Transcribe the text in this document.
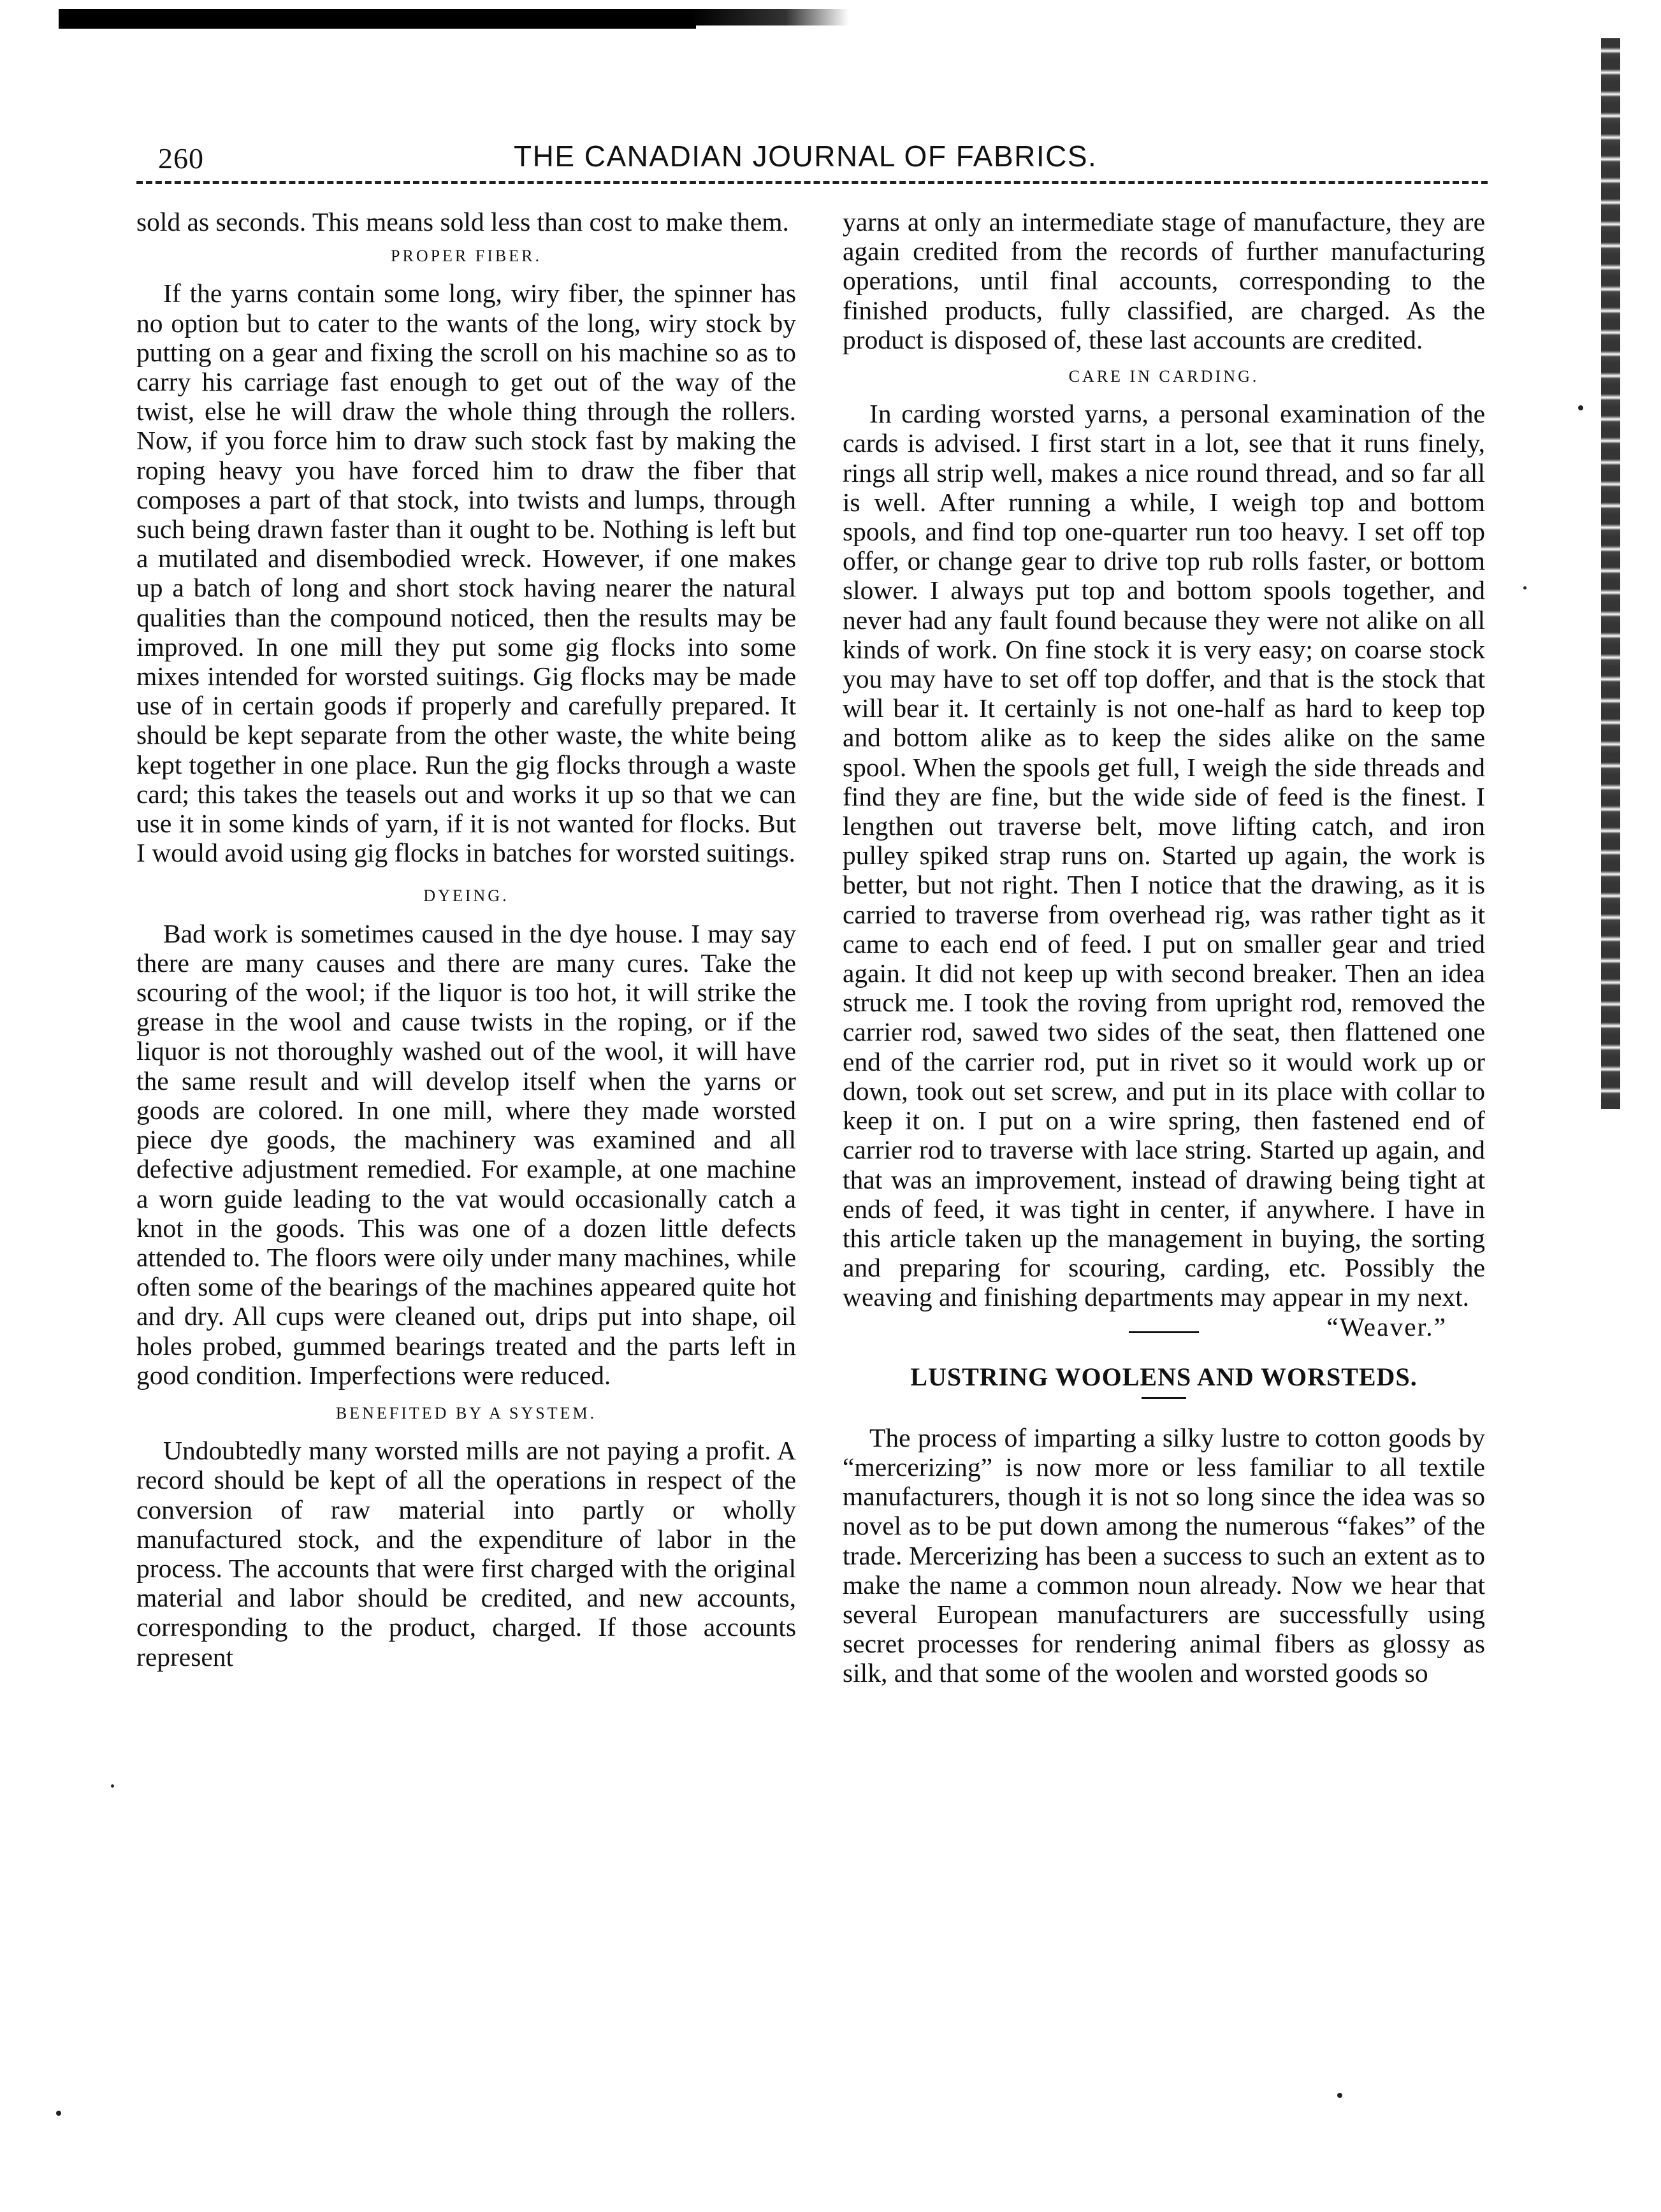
260	THE CANADIAN JOURNAL OF FABRICS.

sold as seconds. This means sold less than cost to make them.

PROPER FIBER.

If the yarns contain some long, wiry fiber, the spinner has no option but to cater to the wants of the long, wiry stock by putting on a gear and fixing the scroll on his machine so as to carry his carriage fast enough to get out of the way of the twist, else he will draw the whole thing through the rollers. Now, if you force him to draw such stock fast by making the roping heavy you have forced him to draw the fiber that composes a part of that stock, into twists and lumps, through such being drawn faster than it ought to be. Nothing is left but a mutilated and disembodied wreck. However, if one makes up a batch of long and short stock having nearer the natural qualities than the compound noticed, then the results may be improved. In one mill they put some gig flocks into some mixes intended for worsted suitings. Gig flocks may be made use of in certain goods if properly and carefully prepared. It should be kept separate from the other waste, the white being kept together in one place. Run the gig flocks through a waste card; this takes the teasels out and works it up so that we can use it in some kinds of yarn, if it is not wanted for flocks. But I would avoid using gig flocks in batches for worsted suitings.

DYEING.

Bad work is sometimes caused in the dye house. I may say there are many causes and there are many cures. Take the scouring of the wool; if the liquor is too hot, it will strike the grease in the wool and cause twists in the roping, or if the liquor is not thoroughly washed out of the wool, it will have the same result and will develop itself when the yarns or goods are colored. In one mill, where they made worsted piece dye goods, the machinery was examined and all defective adjustment remedied. For example, at one machine a worn guide leading to the vat would occasionally catch a knot in the goods. This was one of a dozen little defects attended to. The floors were oily under many machines, while often some of the bearings of the machines appeared quite hot and dry. All cups were cleaned out, drips put into shape, oil holes probed, gummed bearings treated and the parts left in good condition. Imperfections were reduced.

BENEFITED BY A SYSTEM.

Undoubtedly many worsted mills are not paying a profit. A record should be kept of all the operations in respect of the conversion of raw material into partly or wholly manufactured stock, and the expenditure of labor in the process. The accounts that were first charged with the original material and labor should be credited, and new accounts, corresponding to the product, charged. If those accounts represent

yarns at only an intermediate stage of manufacture, they are again credited from the records of further manufacturing operations, until final accounts, corresponding to the finished products, fully classified, are charged. As the product is disposed of, these last accounts are credited.

CARE IN CARDING.

In carding worsted yarns, a personal examination of the cards is advised. I first start in a lot, see that it runs finely, rings all strip well, makes a nice round thread, and so far all is well. After running a while, I weigh top and bottom spools, and find top one-quarter run too heavy. I set off top offer, or change gear to drive top rub rolls faster, or bottom slower. I always put top and bottom spools together, and never had any fault found because they were not alike on all kinds of work. On fine stock it is very easy; on coarse stock you may have to set off top doffer, and that is the stock that will bear it. It certainly is not one-half as hard to keep top and bottom alike as to keep the sides alike on the same spool. When the spools get full, I weigh the side threads and find they are fine, but the wide side of feed is the finest. I lengthen out traverse belt, move lifting catch, and iron pulley spiked strap runs on. Started up again, the work is better, but not right. Then I notice that the drawing, as it is carried to traverse from overhead rig, was rather tight as it came to each end of feed. I put on smaller gear and tried again. It did not keep up with second breaker. Then an idea struck me. I took the roving from upright rod, removed the carrier rod, sawed two sides of the seat, then flattened one end of the carrier rod, put in rivet so it would work up or down, took out set screw, and put in its place with collar to keep it on. I put on a wire spring, then fastened end of carrier rod to traverse with lace string. Started up again, and that was an improvement, instead of drawing being tight at ends of feed, it was tight in center, if anywhere. I have in this article taken up the management in buying, the sorting and preparing for scouring, carding, etc. Possibly the weaving and finishing departments may appear in my next.
“Weaver.”

LUSTRING WOOLENS AND WORSTEDS.

The process of imparting a silky lustre to cotton goods by “mercerizing” is now more or less familiar to all textile manufacturers, though it is not so long since the idea was so novel as to be put down among the numerous “fakes” of the trade. Mercerizing has been a success to such an extent as to make the name a common noun already. Now we hear that several European manufacturers are successfully using secret processes for rendering animal fibers as glossy as silk, and that some of the woolen and worsted goods so
